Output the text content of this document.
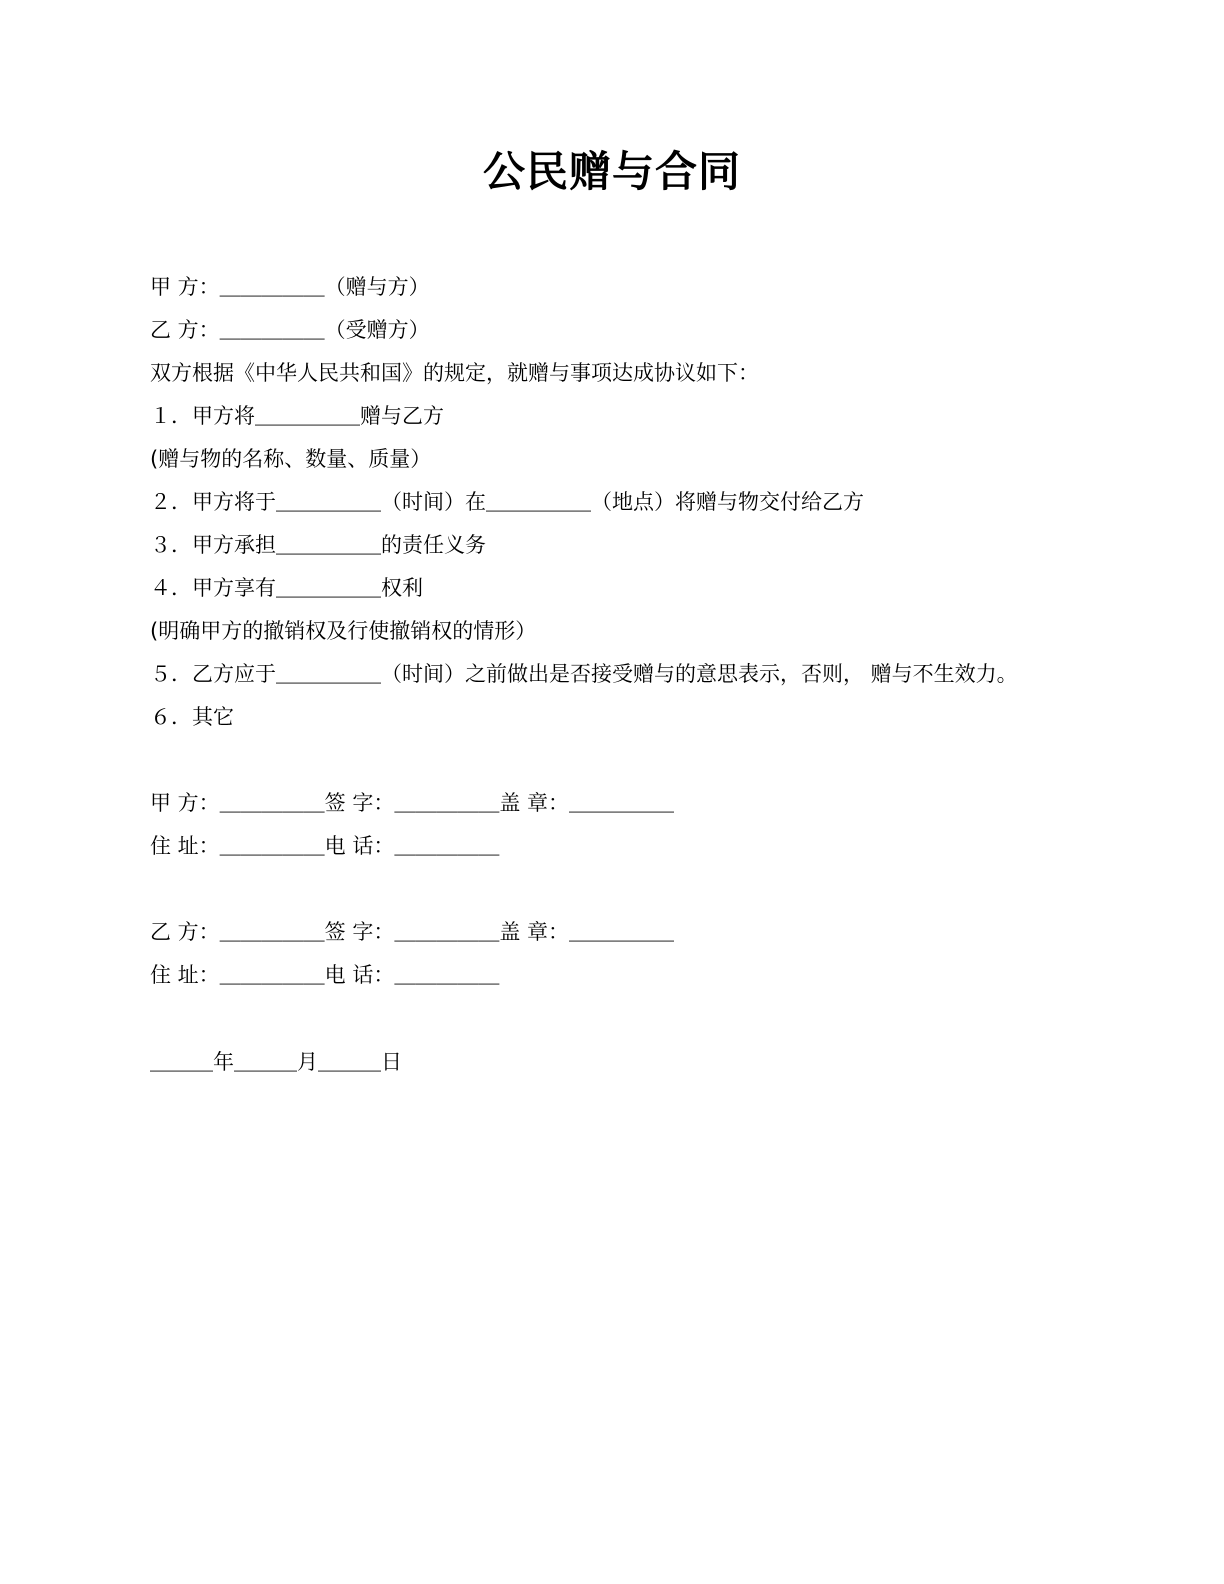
公民赠与合同
甲 方：＿＿＿＿＿（赠与方）
乙 方：＿＿＿＿＿（受赠方）
双方根据《中华人民共和国》的规定，就赠与事项达成协议如下：
１．甲方将＿＿＿＿＿赠与乙方
(赠与物的名称、数量、质量）
２．甲方将于＿＿＿＿＿（时间）在＿＿＿＿＿（地点）将赠与物交付给乙方
３．甲方承担＿＿＿＿＿的责任义务
４．甲方享有＿＿＿＿＿权利
(明确甲方的撤销权及行使撤销权的情形）
５．乙方应于＿＿＿＿＿（时间）之前做出是否接受赠与的意思表示，否则， 赠与不生效力。
６．其它
甲 方：＿＿＿＿＿签 字：＿＿＿＿＿盖 章：＿＿＿＿＿
住 址：＿＿＿＿＿电 话：＿＿＿＿＿
乙 方：＿＿＿＿＿签 字：＿＿＿＿＿盖 章：＿＿＿＿＿
住 址：＿＿＿＿＿电 话：＿＿＿＿＿
＿＿＿年＿＿＿月＿＿＿日
